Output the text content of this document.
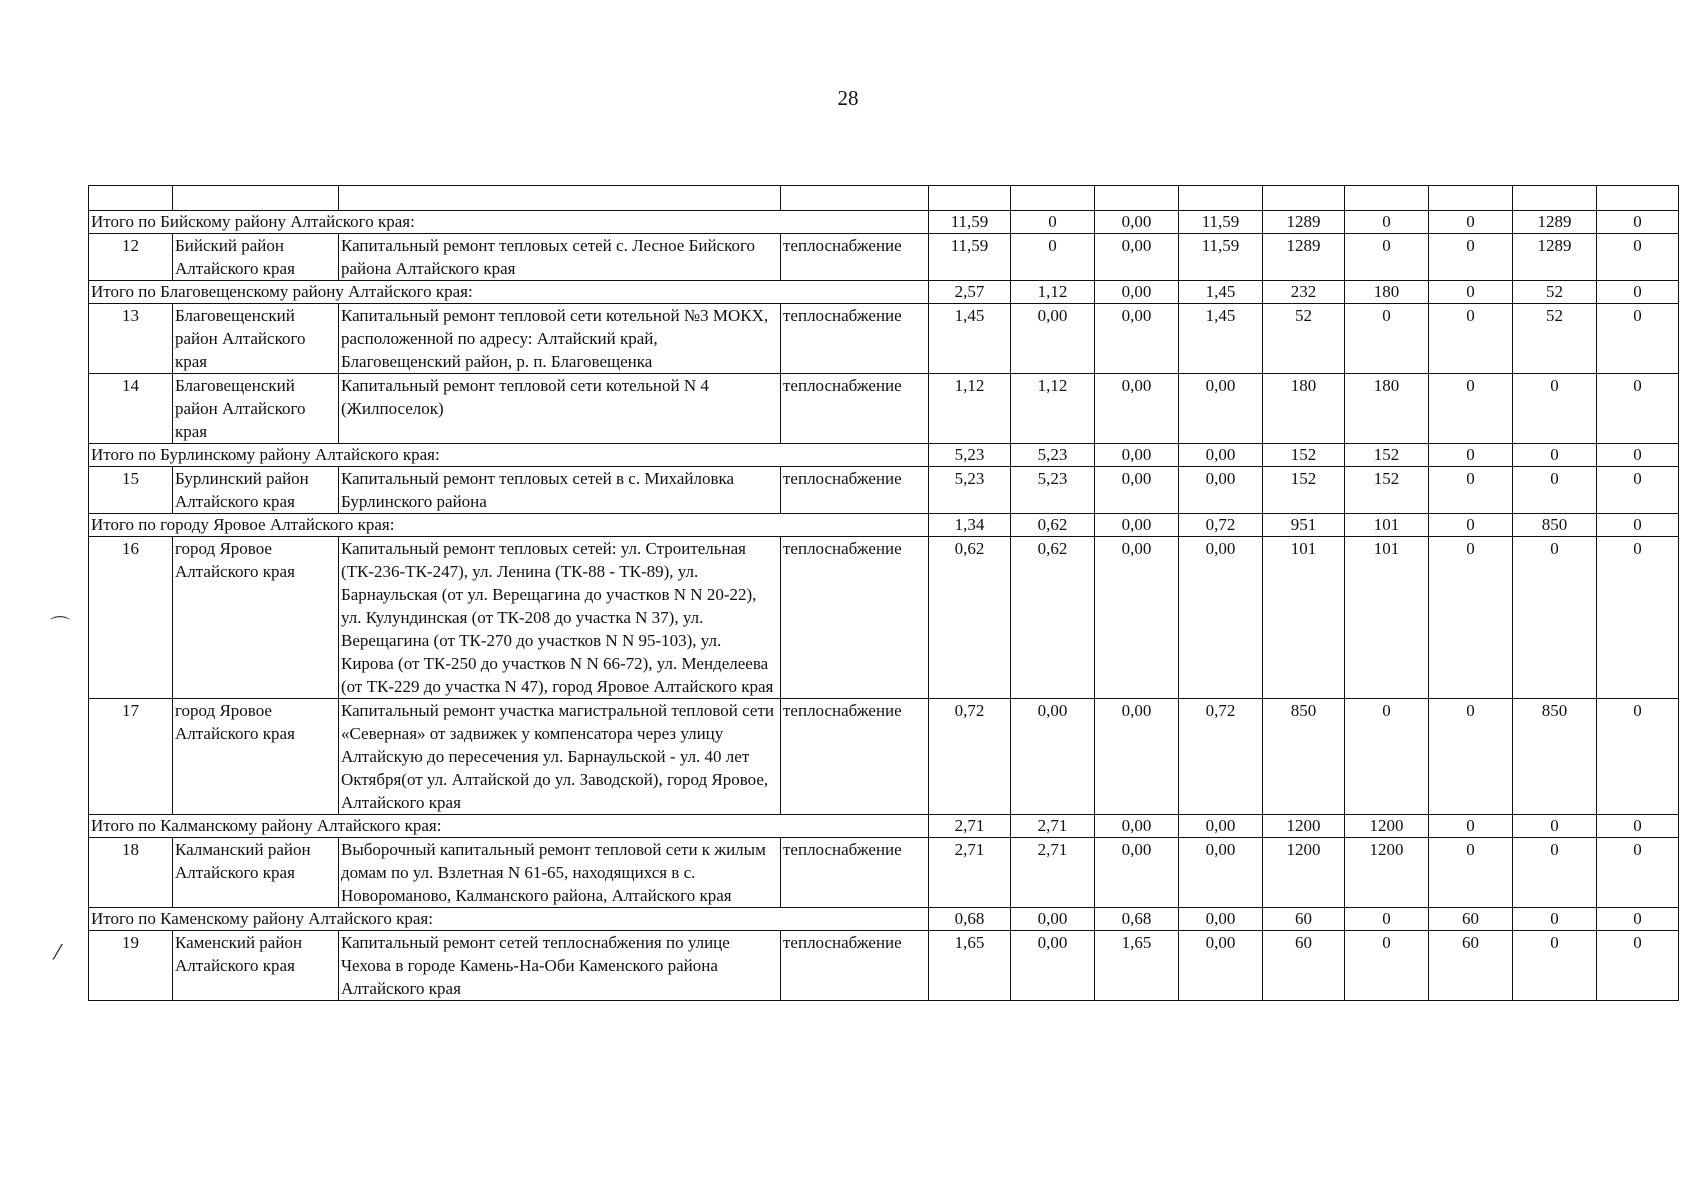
28

Итого по Бийскому району Алтайского края:				11,59	0	0,00	11,59	1289	0	0	1289	0
12	Бийский район Алтайского края	Капитальный ремонт тепловых сетей с. Лесное Бийского района Алтайского края	теплоснабжение	11,59	0	0,00	11,59	1289	0	0	1289	0
Итого по Благовещенскому району Алтайского края:				2,57	1,12	0,00	1,45	232	180	0	52	0
13	Благовещенский район Алтайского края	Капитальный ремонт тепловой сети котельной №3 МОКХ, расположенной по адресу: Алтайский край, Благовещенский район, р. п. Благовещенка	теплоснабжение	1,45	0,00	0,00	1,45	52	0	0	52	0
14	Благовещенский район Алтайского края	Капитальный ремонт тепловой сети котельной N 4 (Жилпоселок)	теплоснабжение	1,12	1,12	0,00	0,00	180	180	0	0	0
Итого по Бурлинскому району Алтайского края:				5,23	5,23	0,00	0,00	152	152	0	0	0
15	Бурлинский район Алтайского края	Капитальный ремонт тепловых сетей в с. Михайловка Бурлинского района	теплоснабжение	5,23	5,23	0,00	0,00	152	152	0	0	0
Итого по городу Яровое Алтайского края:				1,34	0,62	0,00	0,72	951	101	0	850	0
16	город Яровое Алтайского края	Капитальный ремонт тепловых сетей: ул. Строительная (ТК-236-ТК-247), ул. Ленина (ТК-88 - ТК-89), ул. Барнаульская (от ул. Верещагина до участков N N 20-22), ул. Кулундинская (от ТК-208 до участка N 37), ул. Верещагина (от ТК-270 до участков N N 95-103), ул. Кирова (от ТК-250 до участков N N 66-72), ул. Менделеева (от ТК-229 до участка N 47), город Яровое Алтайского края	теплоснабжение	0,62	0,62	0,00	0,00	101	101	0	0	0
17	город Яровое Алтайского края	Капитальный ремонт участка магистральной тепловой сети «Северная» от задвижек у компенсатора через улицу Алтайскую до пересечения ул. Барнаульской - ул. 40 лет Октября(от ул. Алтайской до ул. Заводской), город Яровое, Алтайского края	теплоснабжение	0,72	0,00	0,00	0,72	850	0	0	850	0
Итого по Калманскому району Алтайского края:				2,71	2,71	0,00	0,00	1200	1200	0	0	0
18	Калманский район Алтайского края	Выборочный капитальный ремонт тепловой сети к жилым домам по ул. Взлетная N 61-65, находящихся в с. Новороманово, Калманского района, Алтайского края	теплоснабжение	2,71	2,71	0,00	0,00	1200	1200	0	0	0
Итого по Каменскому району Алтайского края:				0,68	0,00	0,68	0,00	60	0	60	0	0
19	Каменский район Алтайского края	Капитальный ремонт сетей теплоснабжения по улице Чехова в городе Камень-На-Оби Каменского района Алтайского края	теплоснабжение	1,65	0,00	1,65	0,00	60	0	60	0	0
⌒
⁄
